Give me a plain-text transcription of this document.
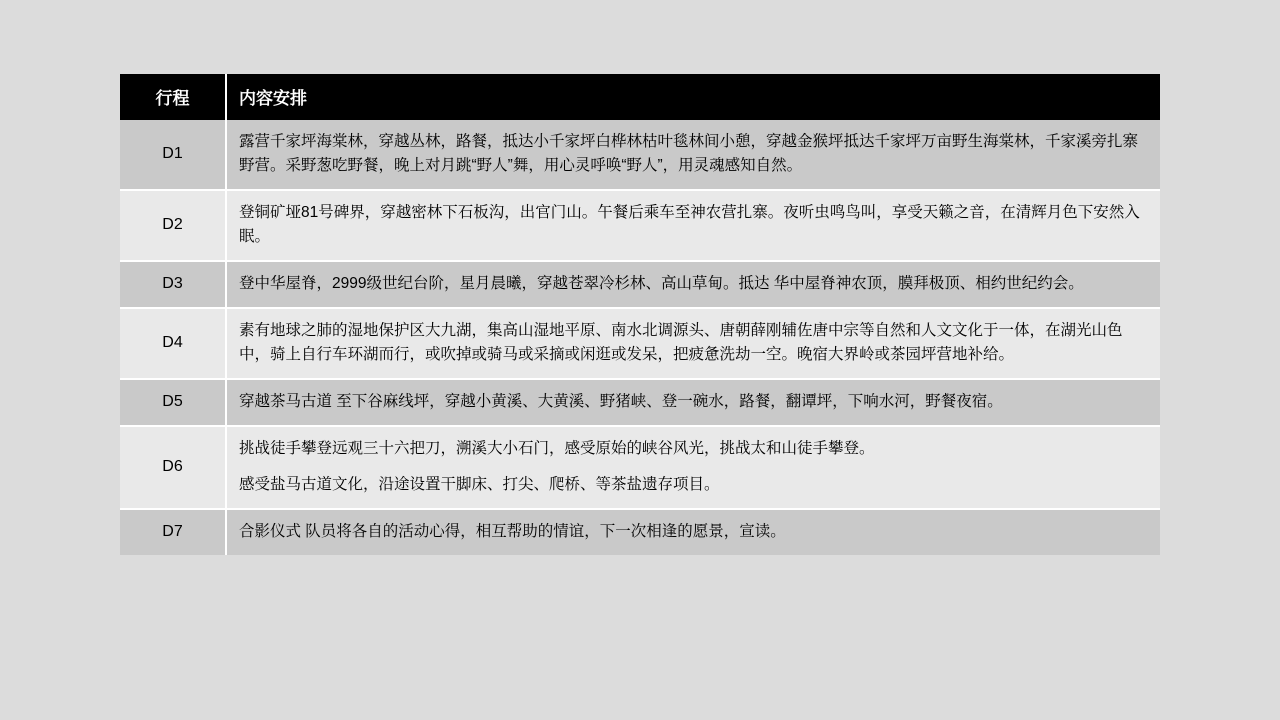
行程	内容安排
D1	露营千家坪海棠林，穿越丛林，路餐，抵达小千家坪白桦林枯叶毯林间小憩，穿越金猴坪抵达千家坪万亩野生海棠林，千家溪旁扎寨野营。采野葱吃野餐，晚上对月跳“野人”舞，用心灵呼唤“野人”，用灵魂感知自然。

D2	登铜矿垭81号碑界，穿越密林下石板沟，出官门山。午餐后乘车至神农营扎寨。夜听虫鸣鸟叫，享受天籁之音，在清辉月色下安然入眠。

D3	登中华屋脊，2999级世纪台阶，星月晨曦，穿越苍翠冷杉林、高山草甸。抵达 华中屋脊神农顶，膜拜极顶、相约世纪约会。

D4	素有地球之肺的湿地保护区大九湖，集高山湿地平原、南水北调源头、唐朝薛刚辅佐唐中宗等自然和人文文化于一体，在湖光山色中，骑上自行车环湖而行，或吹掉或骑马或采摘或闲逛或发呆，把疲惫洗劫一空。晚宿大界岭或茶园坪营地补给。

D5	穿越茶马古道 至下谷麻线坪，穿越小黄溪、大黄溪、野猪峡、登一碗水，路餐，翻谭坪，下响水河，野餐夜宿。

D6	挑战徒手攀登远观三十六把刀，溯溪大小石门，感受原始的峡谷风光，挑战太和山徒手攀登。

感受盐马古道文化，沿途设置干脚床、打尖、爬桥、等茶盐遗存项目。

D7	合影仪式 队员将各自的活动心得，相互帮助的情谊，下一次相逢的愿景，宣读。
